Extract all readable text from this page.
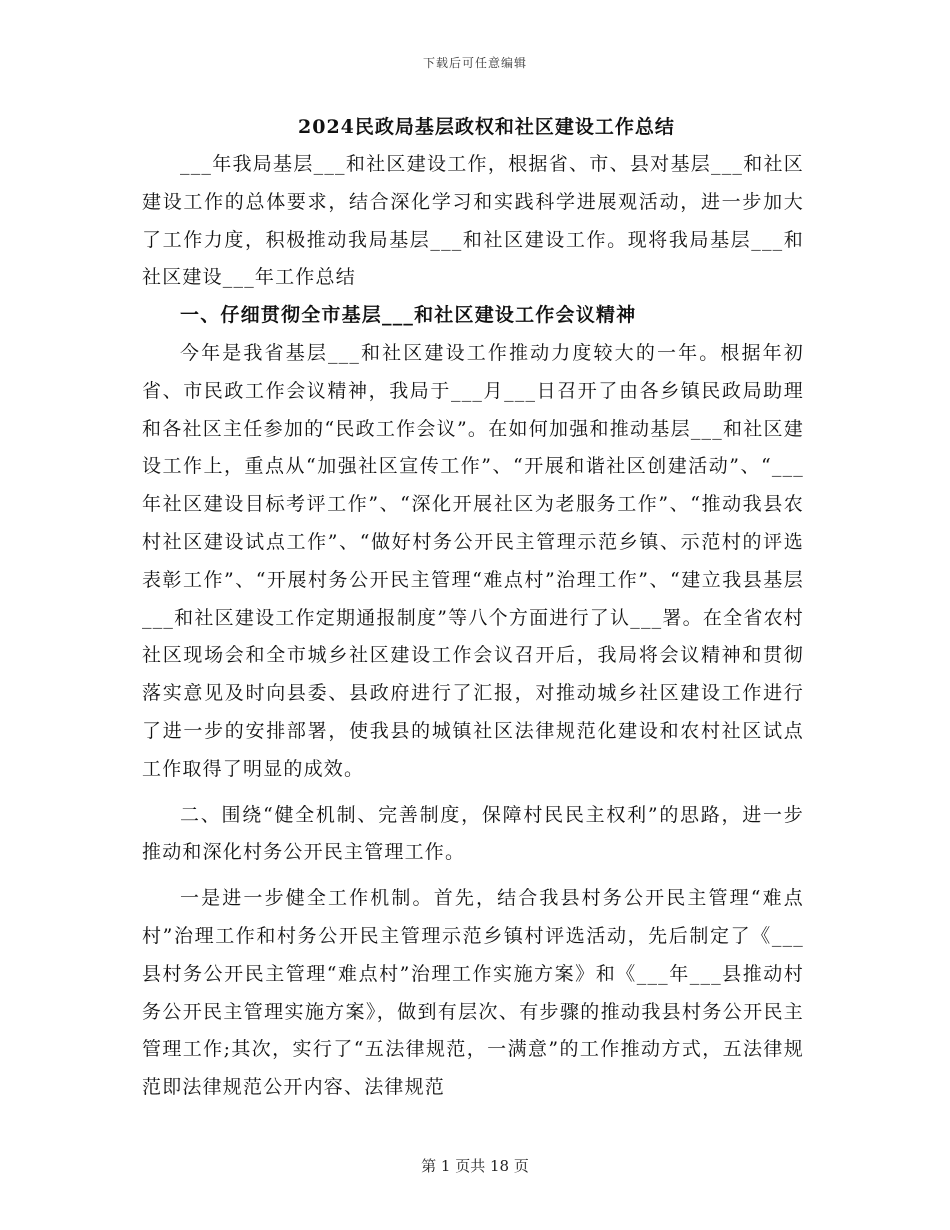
下载后可任意编辑
2024民政局基层政权和社区建设工作总结

___年我局基层___和社区建设工作，根据省、市、县对基层___和社区建设工作的总体要求，结合深化学习和实践科学进展观活动，进一步加大了工作力度，积极推动我局基层___和社区建设工作。现将我局基层___和社区建设___年工作总结

一、仔细贯彻全市基层___和社区建设工作会议精神

今年是我省基层___和社区建设工作推动力度较大的一年。根据年初省、市民政工作会议精神，我局于___月___日召开了由各乡镇民政局助理和各社区主任参加的“民政工作会议”。在如何加强和推动基层___和社区建设工作上，重点从“加强社区宣传工作”、“开展和谐社区创建活动”、“___年社区建设目标考评工作”、“深化开展社区为老服务工作”、“推动我县农村社区建设试点工作”、“做好村务公开民主管理示范乡镇、示范村的评选表彰工作”、“开展村务公开民主管理“难点村”治理工作”、“建立我县基层___和社区建设工作定期通报制度”等八个方面进行了认___署。在全省农村社区现场会和全市城乡社区建设工作会议召开后，我局将会议精神和贯彻落实意见及时向县委、县政府进行了汇报，对推动城乡社区建设工作进行了进一步的安排部署，使我县的城镇社区法律规范化建设和农村社区试点工作取得了明显的成效。

二、围绕“健全机制、完善制度，保障村民民主权利”的思路，进一步推动和深化村务公开民主管理工作。

一是进一步健全工作机制。首先，结合我县村务公开民主管理“难点村”治理工作和村务公开民主管理示范乡镇村评选活动，先后制定了《___县村务公开民主管理“难点村”治理工作实施方案》和《___年___县推动村务公开民主管理实施方案》，做到有层次、有步骤的推动我县村务公开民主管理工作;其次，实行了“五法律规范，一满意”的工作推动方式，五法律规范即法律规范公开内容、法律规范

第 1 页共 18 页
